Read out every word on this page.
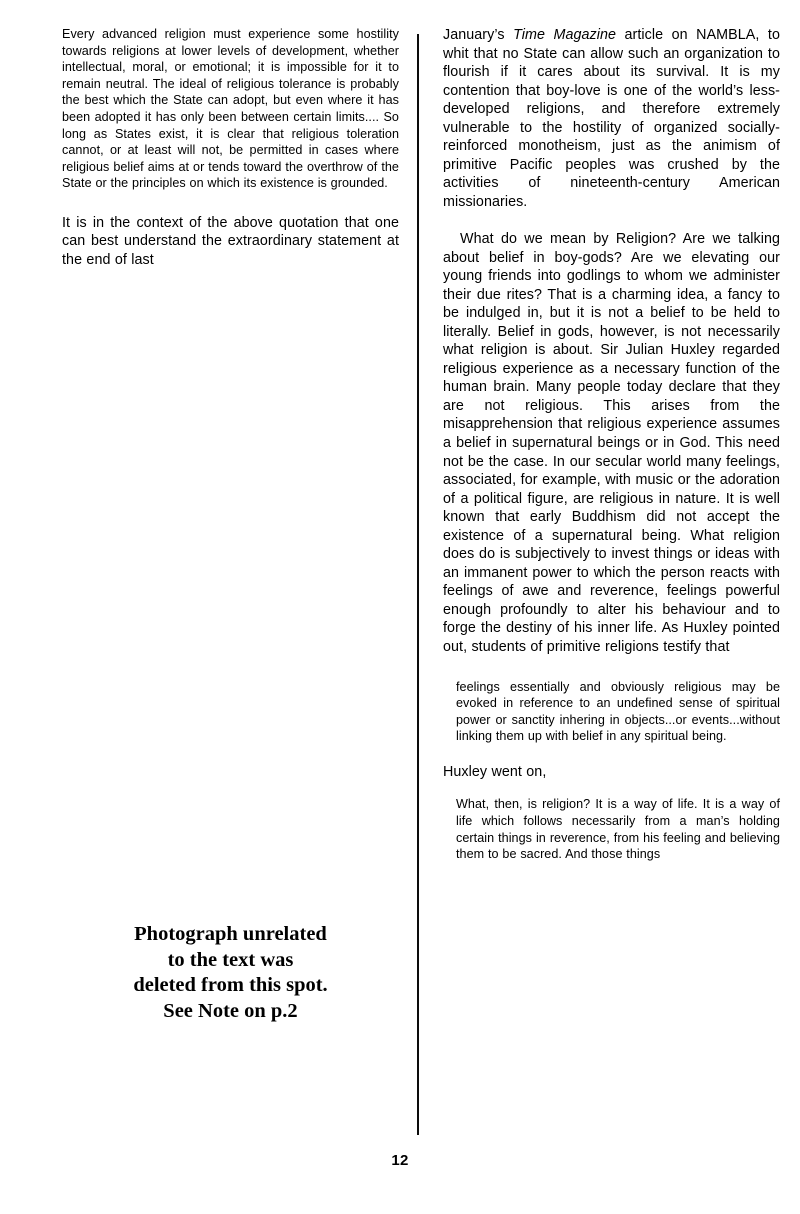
Every advanced religion must experience some hostility towards religions at lower levels of development, whether intellectual, moral, or emotional; it is impossible for it to remain neutral. The ideal of religious tolerance is probably the best which the State can adopt, but even where it has been adopted it has only been between certain limits.... So long as States exist, it is clear that religious toleration cannot, or at least will not, be permitted in cases where religious belief aims at or tends toward the overthrow of the State or the principles on which its existence is grounded.

It is in the context of the above quotation that one can best understand the extraordinary statement at the end of last

Photograph unrelated
to the text was
deleted from this spot.
See Note on p.2

January’s Time Magazine article on NAMBLA, to whit that no State can allow such an organization to flourish if it cares about its survival. It is my contention that boy-love is one of the world’s less-developed religions, and therefore extremely vulnerable to the hostility of organized socially-reinforced monotheism, just as the animism of primitive Pacific peoples was crushed by the activities of nineteenth-century American missionaries.

What do we mean by Religion? Are we talking about belief in boy-gods? Are we elevating our young friends into godlings to whom we administer their due rites? That is a charming idea, a fancy to be indulged in, but it is not a belief to be held to literally. Belief in gods, however, is not necessarily what religion is about. Sir Julian Huxley regarded religious experience as a necessary function of the human brain. Many people today declare that they are not religious. This arises from the misapprehension that religious experience assumes a belief in supernatural beings or in God. This need not be the case. In our secular world many feelings, associated, for example, with music or the adoration of a political figure, are religious in nature. It is well known that early Buddhism did not accept the existence of a supernatural being. What religion does do is subjectively to invest things or ideas with an immanent power to which the person reacts with feelings of awe and reverence, feelings powerful enough profoundly to alter his behaviour and to forge the destiny of his inner life. As Huxley pointed out, students of primitive religions testify that

feelings essentially and obviously religious may be evoked in reference to an undefined sense of spiritual power or sanctity inhering in objects...or events...without linking them up with belief in any spiritual being.

Huxley went on,

What, then, is religion? It is a way of life. It is a way of life which follows necessarily from a man’s holding certain things in reverence, from his feeling and believing them to be sacred. And those things

12
